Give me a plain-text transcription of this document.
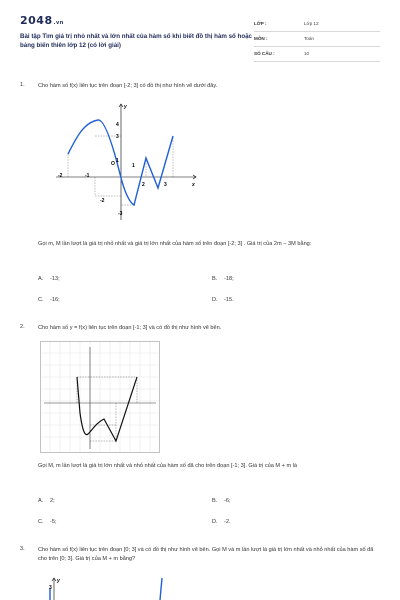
2048.vn
Bài tập Tìm giá trị nhỏ nhất và lớn nhất của hàm số khi biết đồ thị hàm số hoặc bảng biến thiên lớp 12 (có lời giải)
LỚP :	Lớp 12
MÔN :	Toán
SỐ CÂU :	10
1. Cho hàm số f(x) liên tục trên đoạn [-2; 3] có đồ thị như hình vẽ dưới đây.
y
x
O
-2	-1
1
2	3
4
3
1
-2
-3
Gọi m, M lần lượt là giá trị nhỏ nhất và giá trị lớn nhất của hàm số trên đoạn [-2; 3] . Giá trị của 2m − 3M bằng:
A. -13;	B. -18;
C. -16;	D. -15.
2. Cho hàm số y = f(x) liên tục trên đoạn [-1; 3] và có đồ thị như hình vẽ bên.
Gọi M, m lần lượt là giá trị lớn nhất và nhỏ nhất của hàm số đã cho trên đoạn [-1; 3]. Giá trị của M + m là
A. 2;	B. -6;
C. -5;	D. -2.
3. Cho hàm số f(x) liên tục trên đoạn [0; 3] và có đồ thị như hình vẽ bên. Gọi M và m lần lượt là giá trị lớn nhất và nhỏ nhất của hàm số đã cho trên [0; 3]. Giá trị của M + m bằng?
y
3
